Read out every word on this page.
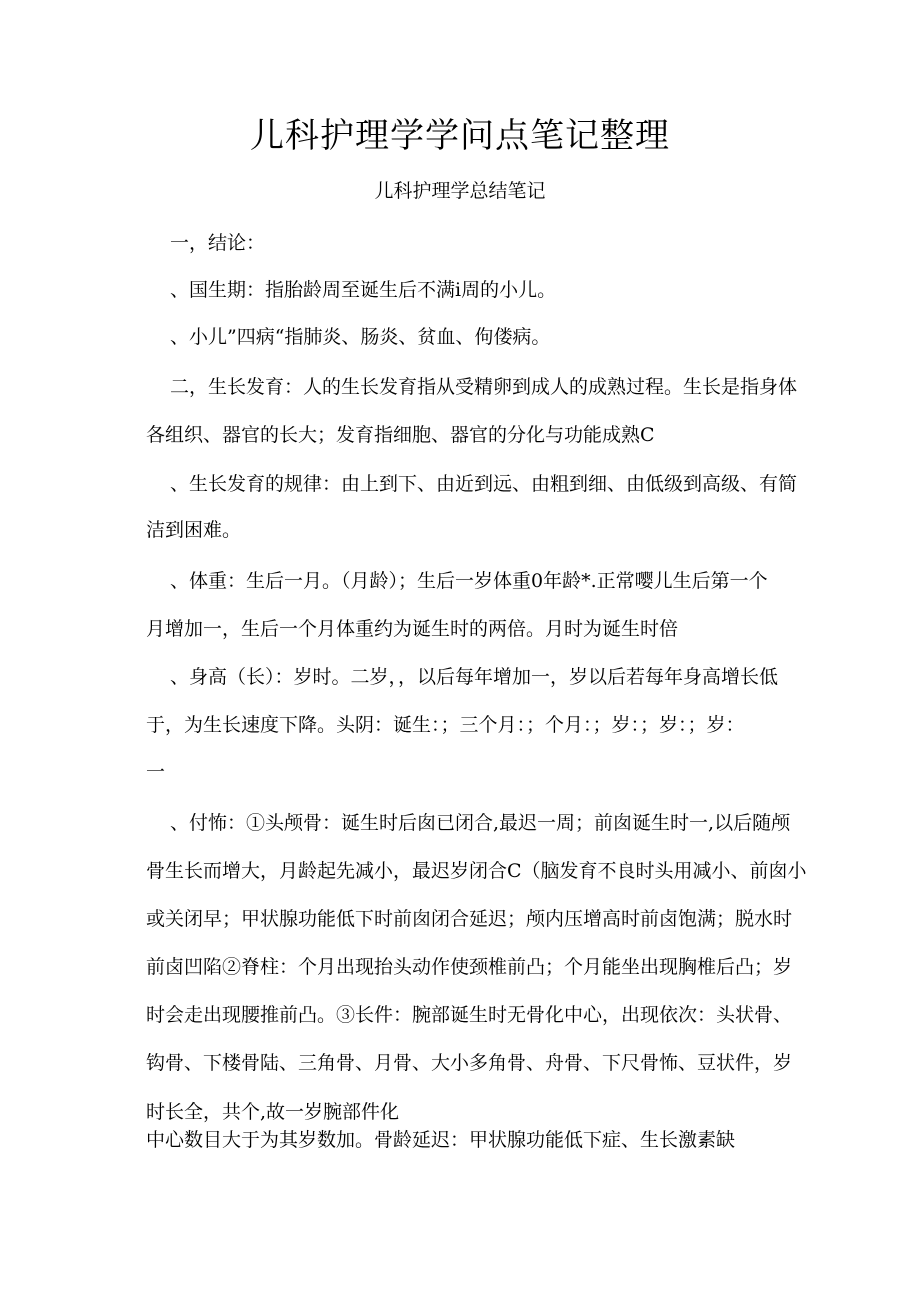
儿科护理学学问点笔记整理
儿科护理学总结笔记
一，结论：
、国生期：指胎龄周至诞生后不满i周的小儿。
、小儿”四病“指肺炎、肠炎、贫血、佝偻病。
二，生长发育：人的生长发育指从受精卵到成人的成熟过程。生长是指身体
各组织、器官的长大；发育指细胞、器官的分化与功能成熟C
、生长发育的规律：由上到下、由近到远、由粗到细、由低级到高级、有简
洁到困难。
、体重：生后一月。（月龄）；生后一岁体重0年龄*.正常嘤儿生后第一个
月增加一，生后一个月体重约为诞生时的两倍。月时为诞生时倍
、身高（长）：岁时。二岁，，以后每年增加一，岁以后若每年身高增长低
于，为生长速度下降。头阴：诞生：；三个月：；个月：；岁：；岁：；岁：
一
、付怖：①头颅骨：诞生时后囱已闭合,最迟一周；前囱诞生时一,以后随颅
骨生长而增大，月龄起先减小，最迟岁闭合C（脑发育不良时头用减小、前囱小
或关闭早；甲状腺功能低下时前囱闭合延迟；颅内压增高时前卤饱满；脱水时
前卤凹陷②脊柱：个月出现抬头动作使颈椎前凸；个月能坐出现胸椎后凸；岁
时会走出现腰推前凸。③长件：腕部诞生时无骨化中心，出现依次：头状骨、
钩骨、下楼骨陆、三角骨、月骨、大小多角骨、舟骨、下尺骨怖、豆状件，岁
时长全，共个,故一岁腕部件化
中心数目大于为其岁数加。骨龄延迟：甲状腺功能低下症、生长激素缺
